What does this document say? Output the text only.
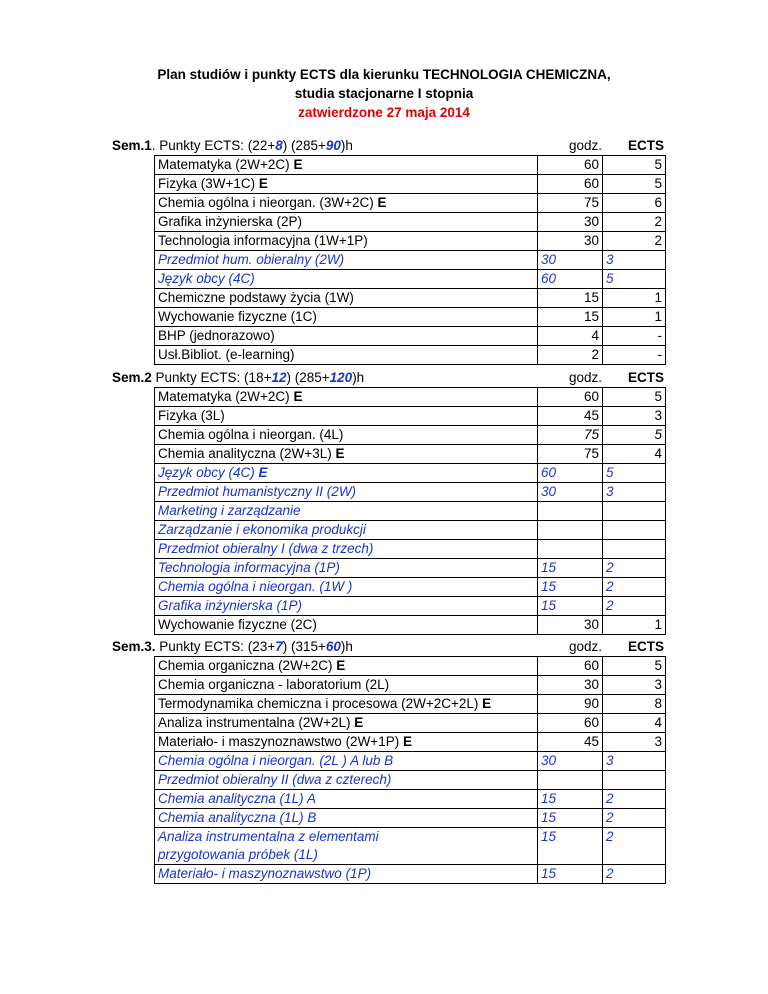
Plan studiów i punkty ECTS dla kierunku TECHNOLOGIA CHEMICZNA,
studia stacjonarne I stopnia
zatwierdzone 27 maja 2014
Sem.1. Punkty ECTS: (22+8) (285+90)h	godz.	ECTS
Matematyka (2W+2C) E	60	5
Fizyka (3W+1C) E	60	5
Chemia ogólna i nieorgan. (3W+2C) E	75	6
Grafika inżynierska (2P)	30	2
Technologia informacyjna (1W+1P)	30	2
Przedmiot hum. obieralny (2W)	30	3
Język obcy (4C)	60	5
Chemiczne podstawy życia (1W)	15	1
Wychowanie fizyczne (1C)	15	1
BHP (jednorazowo)	4	-
Usł.Bibliot. (e-learning)	2	-
Sem.2 Punkty ECTS: (18+12) (285+120)h	godz.	ECTS
Matematyka (2W+2C) E	60	5
Fizyka (3L)	45	3
Chemia ogólna i nieorgan. (4L)	75	5
Chemia analityczna (2W+3L) E	75	4
Język obcy (4C) E	60	5
Przedmiot humanistyczny II (2W)	30	3
Marketing i zarządzanie		
Zarządzanie i ekonomika produkcji		
Przedmiot obieralny I (dwa z trzech)		
Technologia informacyjna (1P)	15	2
Chemia ogólna i nieorgan. (1W )	15	2
Grafika inżynierska (1P)	15	2
Wychowanie fizyczne (2C)	30	1
Sem.3. Punkty ECTS: (23+7) (315+60)h	godz.	ECTS
Chemia organiczna (2W+2C) E	60	5
Chemia organiczna - laboratorium (2L)	30	3
Termodynamika chemiczna i procesowa (2W+2C+2L) E	90	8
Analiza instrumentalna (2W+2L) E	60	4
Materiało- i maszynoznawstwo (2W+1P) E	45	3
Chemia ogólna i nieorgan. (2L ) A lub B	30	3
Przedmiot obieralny II (dwa z czterech)		
Chemia analityczna (1L) A	15	2
Chemia analityczna (1L) B	15	2

Analiza instrumentalna z elementami
przygotowania próbek (1L)	15	2
Materiało- i maszynoznawstwo (1P)	15	2
